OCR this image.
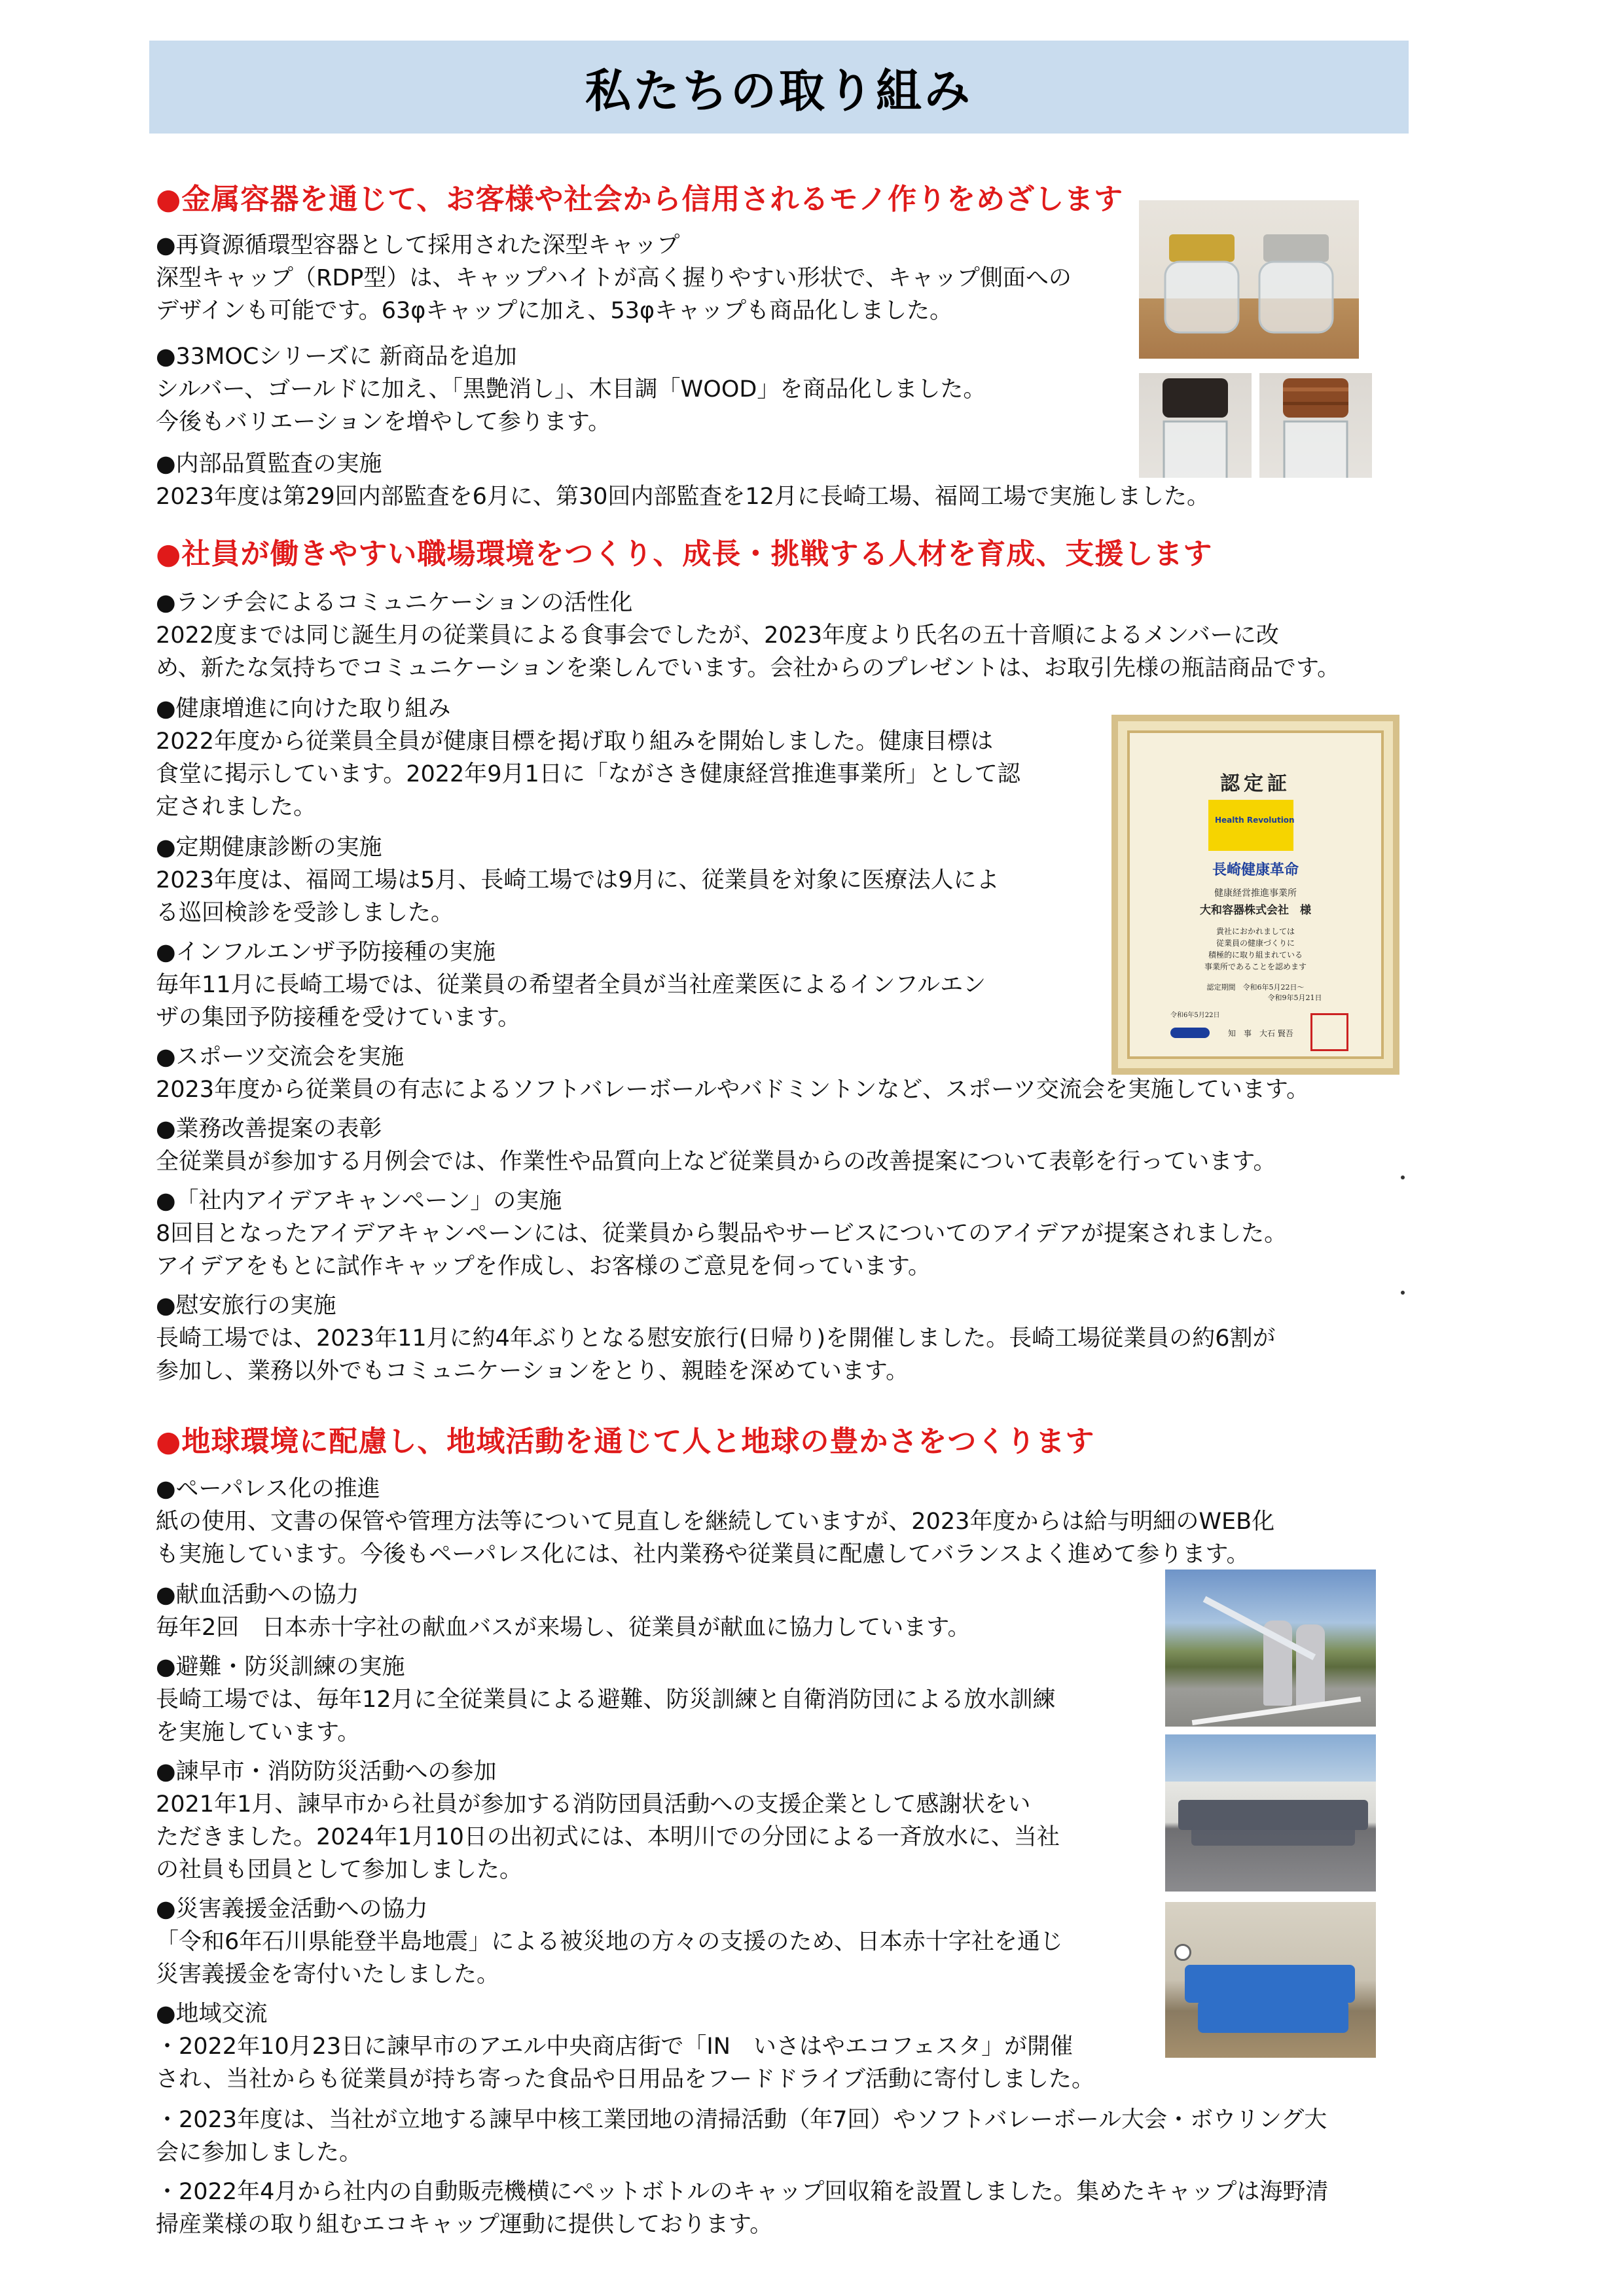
私たちの取り組み
●金属容器を通じて、お客様や社会から信用されるモノ作りをめざします
●再資源循環型容器として採用された深型キャップ
深型キャップ（RDP型）は、キャップハイトが高く握りやすい形状で、キャップ側面への
デザインも可能です。63φキャップに加え、53φキャップも商品化しました。
●33MOCシリーズに 新商品を追加
シルバー、ゴールドに加え、「黒艶消し」、木目調「WOOD」を商品化しました。
今後もバリエーションを増やして参ります。
●内部品質監査の実施
2023年度は第29回内部監査を6月に、第30回内部監査を12月に長崎工場、福岡工場で実施しました。
●社員が働きやすい職場環境をつくり、成長・挑戦する人材を育成、支援します
●ランチ会によるコミュニケーションの活性化
2022度までは同じ誕生月の従業員による食事会でしたが、2023年度より氏名の五十音順によるメンバーに改
め、新たな気持ちでコミュニケーションを楽しんでいます。会社からのプレゼントは、お取引先様の瓶詰商品です。
●健康増進に向けた取り組み
2022年度から従業員全員が健康目標を掲げ取り組みを開始しました。健康目標は
食堂に掲示しています。2022年9月1日に「ながさき健康経営推進事業所」として認
定されました。
●定期健康診断の実施
2023年度は、福岡工場は5月、長崎工場では9月に、従業員を対象に医療法人によ
る巡回検診を受診しました。
●インフルエンザ予防接種の実施
毎年11月に長崎工場では、従業員の希望者全員が当社産業医によるインフルエン
ザの集団予防接種を受けています。
●スポーツ交流会を実施
2023年度から従業員の有志によるソフトバレーボールやバドミントンなど、スポーツ交流会を実施しています。
●業務改善提案の表彰
全従業員が参加する月例会では、作業性や品質向上など従業員からの改善提案について表彰を行っています。
●「社内アイデアキャンペーン」の実施
8回目となったアイデアキャンペーンには、従業員から製品やサービスについてのアイデアが提案されました。
アイデアをもとに試作キャップを作成し、お客様のご意見を伺っています。
●慰安旅行の実施
長崎工場では、2023年11月に約4年ぶりとなる慰安旅行(日帰り)を開催しました。長崎工場従業員の約6割が
参加し、業務以外でもコミュニケーションをとり、親睦を深めています。
認定証
Health Revolution
長崎健康革命
健康経営推進事業所
大和容器株式会社　様
貴社におかれましては
従業員の健康づくりに
積極的に取り組まれている
事業所であることを認めます
認定期間　令和6年5月22日～
令和9年5月21日
令和6年5月22日
知　事　大石 賢吾
●地球環境に配慮し、地域活動を通じて人と地球の豊かさをつくります
●ペーパレス化の推進
紙の使用、文書の保管や管理方法等について見直しを継続していますが、2023年度からは給与明細のWEB化
も実施しています。今後もペーパレス化には、社内業務や従業員に配慮してバランスよく進めて参ります。
●献血活動への協力
毎年2回　日本赤十字社の献血バスが来場し、従業員が献血に協力しています。
●避難・防災訓練の実施
長崎工場では、毎年12月に全従業員による避難、防災訓練と自衛消防団による放水訓練
を実施しています。
●諫早市・消防防災活動への参加
2021年1月、諫早市から社員が参加する消防団員活動への支援企業として感謝状をい
ただきました。2024年1月10日の出初式には、本明川での分団による一斉放水に、当社
の社員も団員として参加しました。
●災害義援金活動への協力
「令和6年石川県能登半島地震」による被災地の方々の支援のため、日本赤十字社を通じ
災害義援金を寄付いたしました。
●地域交流
・2022年10月23日に諫早市のアエル中央商店街で「IN　いさはやエコフェスタ」が開催
され、当社からも従業員が持ち寄った食品や日用品をフードドライブ活動に寄付しました。
・2023年度は、当社が立地する諫早中核工業団地の清掃活動（年7回）やソフトバレーボール大会・ボウリング大
会に参加しました。
・2022年4月から社内の自動販売機横にペットボトルのキャップ回収箱を設置しました。集めたキャップは海野清
掃産業様の取り組むエコキャップ運動に提供しております。
